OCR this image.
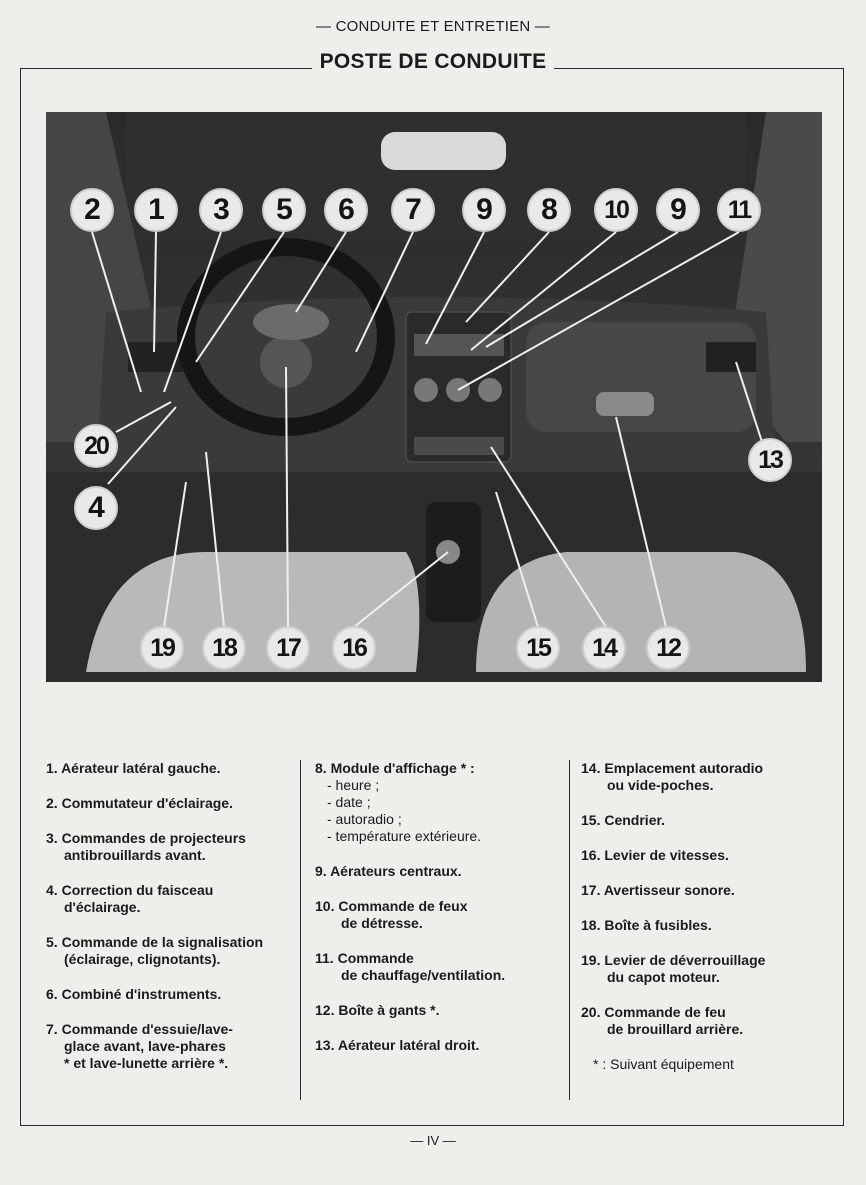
— CONDUITE ET ENTRETIEN —
POSTE DE CONDUITE
2	1	3	5	6	7	9	8	10	9	11
20
4
13
19	18	17	16	15	14	12
1. Aérateur latéral gauche.
2. Commutateur d'éclairage.
3. Commandes de projecteurs
antibrouillards avant.
4. Correction du faisceau
d'éclairage.
5. Commande de la signalisation
(éclairage, clignotants).
6. Combiné d'instruments.
7. Commande d'essuie/lave-
glace avant, lave-phares
* et lave-lunette arrière *.
8. Module d'affichage * :
- heure ;
- date ;
- autoradio ;
- température extérieure.
9. Aérateurs centraux.
10. Commande de feux
de détresse.
11. Commande
de chauffage/ventilation.
12. Boîte à gants *.
13. Aérateur latéral droit.
14. Emplacement autoradio
ou vide-poches.
15. Cendrier.
16. Levier de vitesses.
17. Avertisseur sonore.
18. Boîte à fusibles.
19. Levier de déverrouillage
du capot moteur.
20. Commande de feu
de brouillard arrière.
* : Suivant équipement
— IV —
